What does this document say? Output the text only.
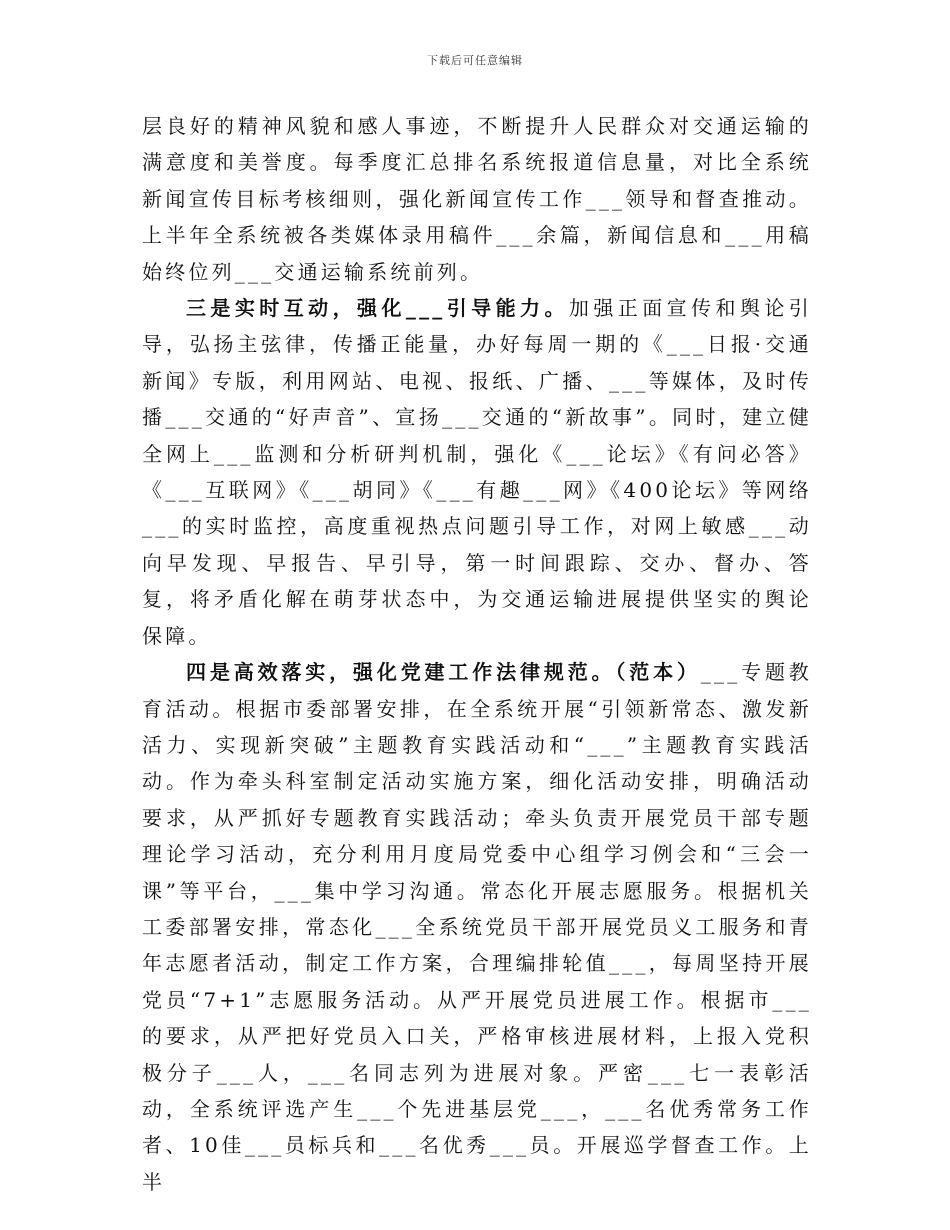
下载后可任意编辑

层良好的精神风貌和感人事迹，不断提升人民群众对交通运输的满意度和美誉度。每季度汇总排名系统报道信息量，对比全系统新闻宣传目标考核细则，强化新闻宣传工作___领导和督查推动。上半年全系统被各类媒体录用稿件___余篇，新闻信息和___用稿始终位列___交通运输系统前列。

三是实时互动，强化___引导能力。加强正面宣传和舆论引导，弘扬主弦律，传播正能量，办好每周一期的《___日报·交通新闻》专版，利用网站、电视、报纸、广播、___等媒体，及时传播___交通的“好声音”、宣扬___交通的“新故事”。同时，建立健全网上___监测和分析研判机制，强化《___论坛》《有问必答》《___互联网》《___胡同》《___有趣___网》《400论坛》等网络___的实时监控，高度重视热点问题引导工作，对网上敏感___动向早发现、早报告、早引导，第一时间跟踪、交办、督办、答复，将矛盾化解在萌芽状态中，为交通运输进展提供坚实的舆论保障。

四是高效落实，强化党建工作法律规范。（范本）___专题教育活动。根据市委部署安排，在全系统开展“引领新常态、激发新活力、实现新突破”主题教育实践活动和“___”主题教育实践活动。作为牵头科室制定活动实施方案，细化活动安排，明确活动要求，从严抓好专题教育实践活动；牵头负责开展党员干部专题理论学习活动，充分利用月度局党委中心组学习例会和“三会一课”等平台，___集中学习沟通。常态化开展志愿服务。根据机关工委部署安排，常态化___全系统党员干部开展党员义工服务和青年志愿者活动，制定工作方案，合理编排轮值___，每周坚持开展党员“7+1”志愿服务活动。从严开展党员进展工作。根据市___的要求，从严把好党员入口关，严格审核进展材料，上报入党积极分子___人，___名同志列为进展对象。严密___七一表彰活动，全系统评选产生___个先进基层党___，___名优秀常务工作者、10佳___员标兵和___名优秀___员。开展巡学督查工作。上半
